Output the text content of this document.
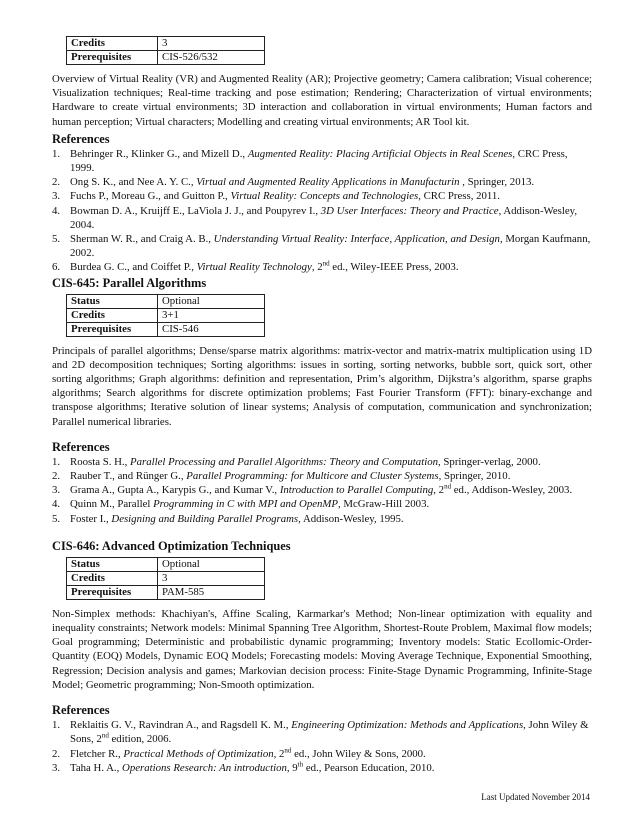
Credits	3
Prerequisites	CIS-526/532

Overview of Virtual Reality (VR) and Augmented Reality (AR); Projective geometry; Camera calibration; Visual coherence; Visualization techniques; Real-time tracking and pose estimation; Rendering; Characterization of virtual environments; Hardware to create virtual environments; 3D interaction and collaboration in virtual environments; Human factors and human perception; Virtual characters; Modelling and creating virtual environments; AR Tool kit.

References
1. Behringer R., Klinker G., and Mizell D., Augmented Reality: Placing Artificial Objects in Real Scenes, CRC Press, 1999.
2. Ong S. K., and Nee A. Y. C., Virtual and Augmented Reality Applications in Manufacturin , Springer, 2013.
3. Fuchs P., Moreau G., and Guitton P., Virtual Reality: Concepts and Technologies, CRC Press, 2011.
4. Bowman D. A., Kruijff E., LaViola J. J., and Poupyrev I., 3D User Interfaces: Theory and Practice, Addison-Wesley, 2004.
5. Sherman W. R., and Craig A. B., Understanding Virtual Reality: Interface, Application, and Design, Morgan Kaufmann, 2002.
6. Burdea G. C., and Coiffet P., Virtual Reality Technology, 2nd ed., Wiley-IEEE Press, 2003.
CIS-645: Parallel Algorithms
Status	Optional
Credits	3+1
Prerequisites	CIS-546

Principals of parallel algorithms; Dense/sparse matrix algorithms: matrix-vector and matrix-matrix multiplication using 1D and 2D decomposition techniques; Sorting algorithms: issues in sorting, sorting networks, bubble sort, quick sort, other sorting algorithms; Graph algorithms: definition and representation, Prim’s algorithm, Dijkstra’s algorithm, sparse graphs algorithms; Search algorithms for discrete optimization problems; Fast Fourier Transform (FFT): binary-exchange and transpose algorithms; Iterative solution of linear systems; Analysis of computation, communication and synchronization; Parallel numerical libraries.

References
1. Roosta S. H., Parallel Processing and Parallel Algorithms: Theory and Computation, Springer-verlag, 2000.
2. Rauber T., and Rünger G., Parallel Programming: for Multicore and Cluster Systems, Springer, 2010.
3. Grama A., Gupta A., Karypis G., and Kumar V., Introduction to Parallel Computing, 2nd ed., Addison-Wesley, 2003.
4. Quinn M., Parallel Programming in C with MPI and OpenMP, McGraw-Hill 2003.
5. Foster I., Designing and Building Parallel Programs, Addison-Wesley, 1995.
CIS-646: Advanced Optimization Techniques
Status	Optional
Credits	3
Prerequisites	PAM-585

Non-Simplex methods: Khachiyan's, Affine Scaling, Karmarkar's Method; Non-linear optimization with equality and inequality constraints; Network models: Minimal Spanning Tree Algorithm, Shortest-Route Problem, Maximal flow models; Goal programming; Deterministic and probabilistic dynamic programming; Inventory models: Static Ecollomic-Order-Quantity (EOQ) Models, Dynamic EOQ Models; Forecasting models: Moving Average Technique, Exponential Smoothing, Regression; Decision analysis and games; Markovian decision process: Finite-Stage Dynamic Programming, Infinite-Stage Model; Geometric programming; Non-Smooth optimization.

References
1. Reklaitis G. V., Ravindran A., and Ragsdell K. M., Engineering Optimization: Methods and Applications, John Wiley & Sons, 2nd edition, 2006.
2. Fletcher R., Practical Methods of Optimization, 2nd ed., John Wiley & Sons, 2000.
3. Taha H. A., Operations Research: An introduction, 9th ed., Pearson Education, 2010.
Last Updated November 2014
